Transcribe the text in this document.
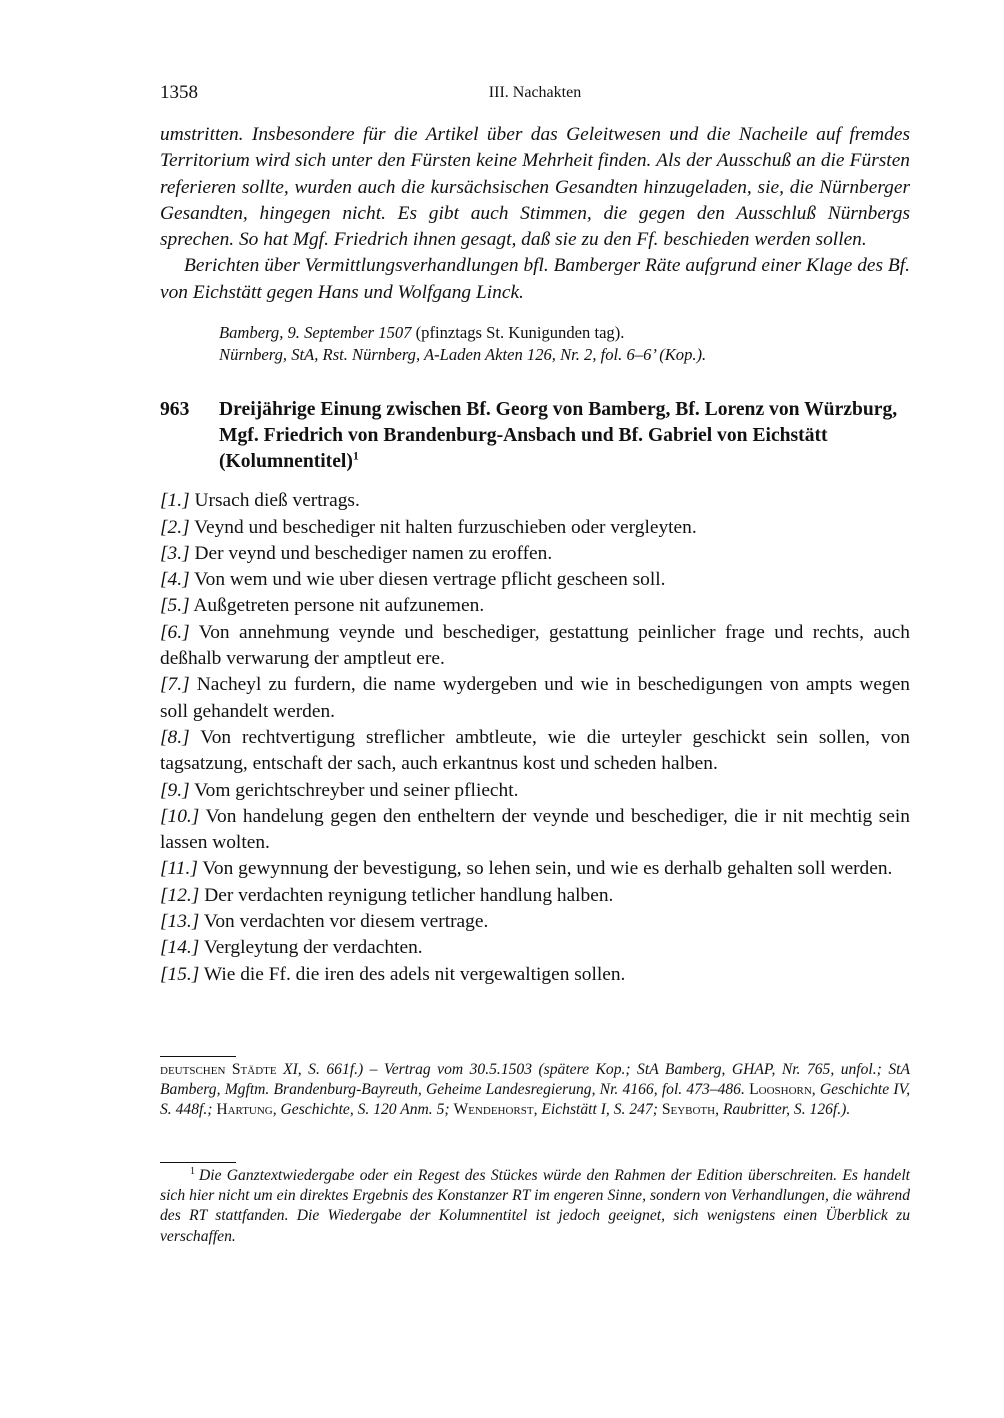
1358	III. Nachakten
umstritten. Insbesondere für die Artikel über das Geleitwesen und die Nacheile auf fremdes Territorium wird sich unter den Fürsten keine Mehrheit finden. Als der Ausschuß an die Fürsten referieren sollte, wurden auch die kursächsischen Gesandten hinzugeladen, sie, die Nürnberger Gesandten, hingegen nicht. Es gibt auch Stimmen, die gegen den Ausschluß Nürnbergs sprechen. So hat Mgf. Friedrich ihnen gesagt, daß sie zu den Ff. beschieden werden sollen.
Berichten über Vermittlungsverhandlungen bfl. Bamberger Räte aufgrund einer Klage des Bf. von Eichstätt gegen Hans und Wolfgang Linck.
Bamberg, 9. September 1507 (pfinztags St. Kunigunden tag).
Nürnberg, StA, Rst. Nürnberg, A-Laden Akten 126, Nr. 2, fol. 6–6’ (Kop.).
963	Dreijährige Einung zwischen Bf. Georg von Bamberg, Bf. Lorenz von Würzburg, Mgf. Friedrich von Brandenburg-Ansbach und Bf. Gabriel von Eichstätt (Kolumnentitel)$^1$
[1.] Ursach dieß vertrags.
[2.] Veynd und beschediger nit halten furzuschieben oder vergleyten.
[3.] Der veynd und beschediger namen zu eroffen.
[4.] Von wem und wie uber diesen vertrage pflicht gescheen soll.
[5.] Außgetreten persone nit aufzunemen.
[6.] Von annehmung veynde und beschediger, gestattung peinlicher frage und rechts, auch deßhalb verwarung der amptleut ere.
[7.] Nacheyl zu furdern, die name wydergeben und wie in beschedigungen von ampts wegen soll gehandelt werden.
[8.] Von rechtvertigung streflicher ambtleute, wie die urteyler geschickt sein sollen, von tagsatzung, entschaft der sach, auch erkantnus kost und scheden halben.
[9.] Vom gerichtschreyber und seiner pfliecht.
[10.] Von handelung gegen den entheltern der veynde und beschediger, die ir nit mechtig sein lassen wolten.
[11.] Von gewynnung der bevestigung, so lehen sein, und wie es derhalb gehalten soll werden.
[12.] Der verdachten reynigung tetlicher handlung halben.
[13.] Von verdachten vor diesem vertrage.
[14.] Vergleytung der verdachten.
[15.] Wie die Ff. die iren des adels nit vergewaltigen sollen.
deutschen Städte XI, S. 661f.) – Vertrag vom 30.5.1503 (spätere Kop.; StA Bamberg, GHAP, Nr. 765, unfol.; StA Bamberg, Mgftm. Brandenburg-Bayreuth, Geheime Landesregierung, Nr. 4166, fol. 473–486. Looshorn, Geschichte IV, S. 448f.; Hartung, Geschichte, S. 120 Anm. 5; Wendehorst, Eichstätt I, S. 247; Seyboth, Raubritter, S. 126f.).
$^1$ Die Ganztextwiedergabe oder ein Regest des Stückes würde den Rahmen der Edition überschreiten. Es handelt sich hier nicht um ein direktes Ergebnis des Konstanzer RT im engeren Sinne, sondern von Verhandlungen, die während des RT stattfanden. Die Wiedergabe der Kolumnentitel ist jedoch geeignet, sich wenigstens einen Überblick zu verschaffen.
